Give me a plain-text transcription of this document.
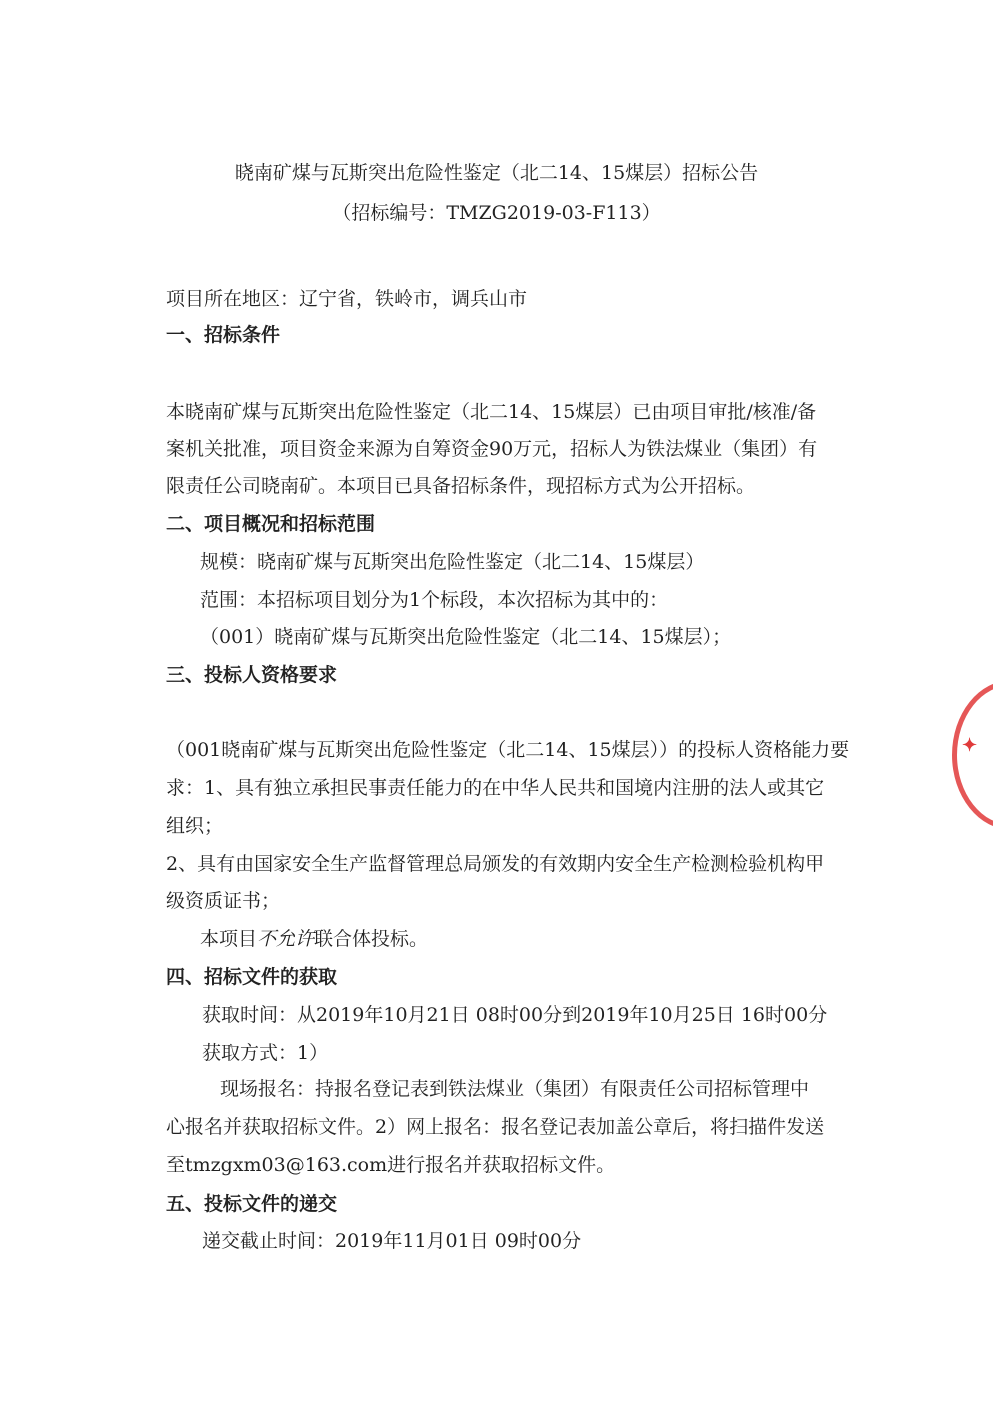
晓南矿煤与瓦斯突出危险性鉴定（北二14、15煤层）招标公告
（招标编号：TMZG2019-03-F113）
项目所在地区：辽宁省，铁岭市，调兵山市
一、招标条件
本晓南矿煤与瓦斯突出危险性鉴定（北二14、15煤层）已由项目审批/核准/备
案机关批准，项目资金来源为自筹资金90万元，招标人为铁法煤业（集团）有
限责任公司晓南矿。本项目已具备招标条件，现招标方式为公开招标。
二、项目概况和招标范围
规模：晓南矿煤与瓦斯突出危险性鉴定（北二14、15煤层）
范围：本招标项目划分为1个标段，本次招标为其中的：
（001）晓南矿煤与瓦斯突出危险性鉴定（北二14、15煤层）；
三、投标人资格要求
（001晓南矿煤与瓦斯突出危险性鉴定（北二14、15煤层））的投标人资格能力要
求：1、具有独立承担民事责任能力的在中华人民共和国境内注册的法人或其它
组织；
2、具有由国家安全生产监督管理总局颁发的有效期内安全生产检测检验机构甲
级资质证书；
本项目不允许联合体投标。
四、招标文件的获取
获取时间：从2019年10月21日 08时00分到2019年10月25日 16时00分
获取方式：1）
现场报名：持报名登记表到铁法煤业（集团）有限责任公司招标管理中
心报名并获取招标文件。2）网上报名：报名登记表加盖公章后，将扫描件发送
至tmzgxm03@163.com进行报名并获取招标文件。
五、投标文件的递交
递交截止时间：2019年11月01日 09时00分
✦
